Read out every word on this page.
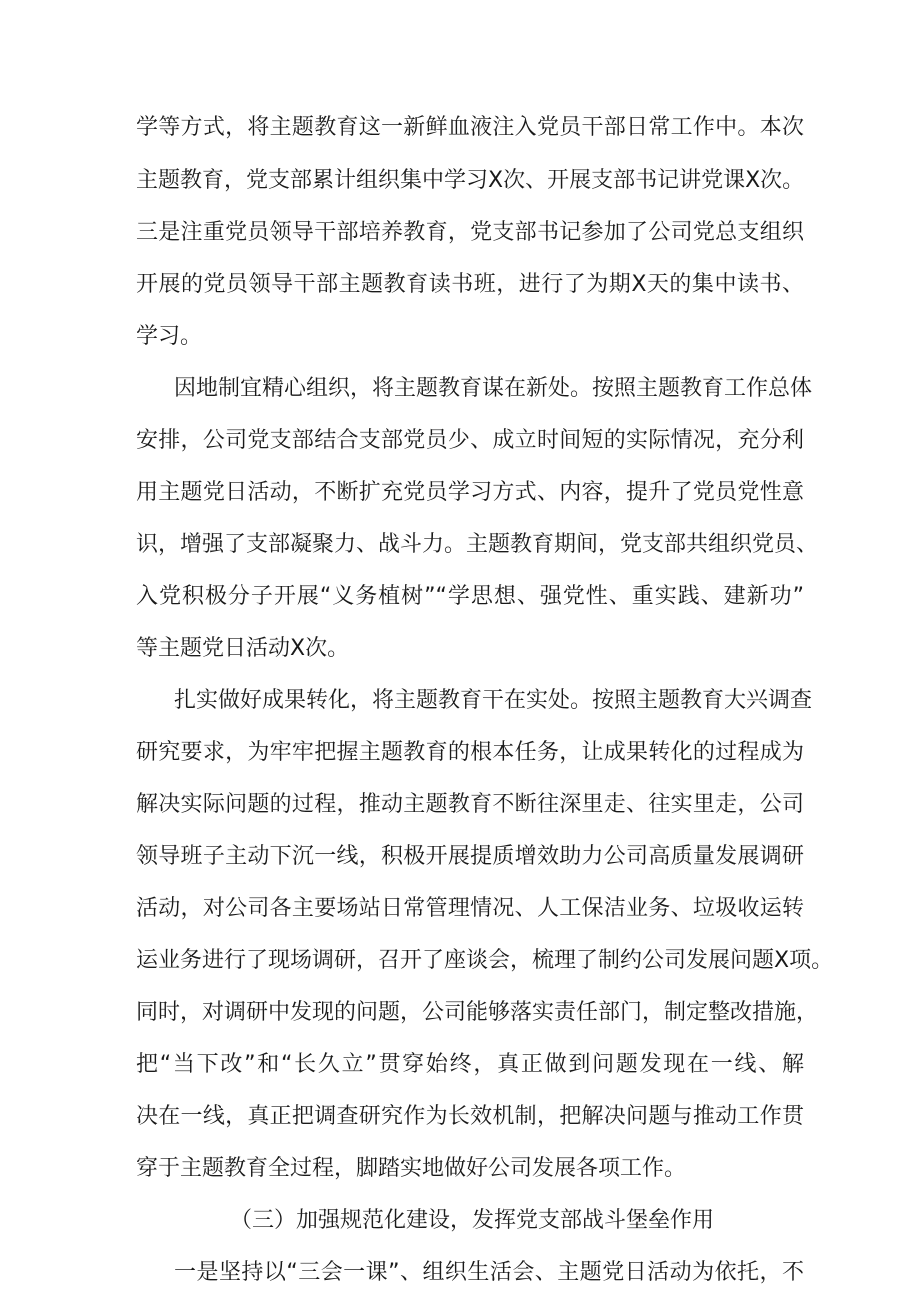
学等方式，将主题教育这一新鲜血液注入党员干部日常工作中。本次
主题教育，党支部累计组织集中学习X次、开展支部书记讲党课X次。
三是注重党员领导干部培养教育，党支部书记参加了公司党总支组织
开展的党员领导干部主题教育读书班，进行了为期X天的集中读书、
学习。
因地制宜精心组织，将主题教育谋在新处。按照主题教育工作总体
安排，公司党支部结合支部党员少、成立时间短的实际情况，充分利
用主题党日活动，不断扩充党员学习方式、内容，提升了党员党性意
识，增强了支部凝聚力、战斗力。主题教育期间，党支部共组织党员、
入党积极分子开展“义务植树”“学思想、强党性、重实践、建新功”
等主题党日活动X次。
扎实做好成果转化，将主题教育干在实处。按照主题教育大兴调查
研究要求，为牢牢把握主题教育的根本任务，让成果转化的过程成为
解决实际问题的过程，推动主题教育不断往深里走、往实里走，公司
领导班子主动下沉一线，积极开展提质增效助力公司高质量发展调研
活动，对公司各主要场站日常管理情况、人工保洁业务、垃圾收运转
运业务进行了现场调研，召开了座谈会，梳理了制约公司发展问题X项。
同时，对调研中发现的问题，公司能够落实责任部门，制定整改措施，
把“当下改”和“长久立”贯穿始终，真正做到问题发现在一线、解
决在一线，真正把调查研究作为长效机制，把解决问题与推动工作贯
穿于主题教育全过程，脚踏实地做好公司发展各项工作。
（三）加强规范化建设，发挥党支部战斗堡垒作用
一是坚持以“三会一课”、组织生活会、主题党日活动为依托，不
